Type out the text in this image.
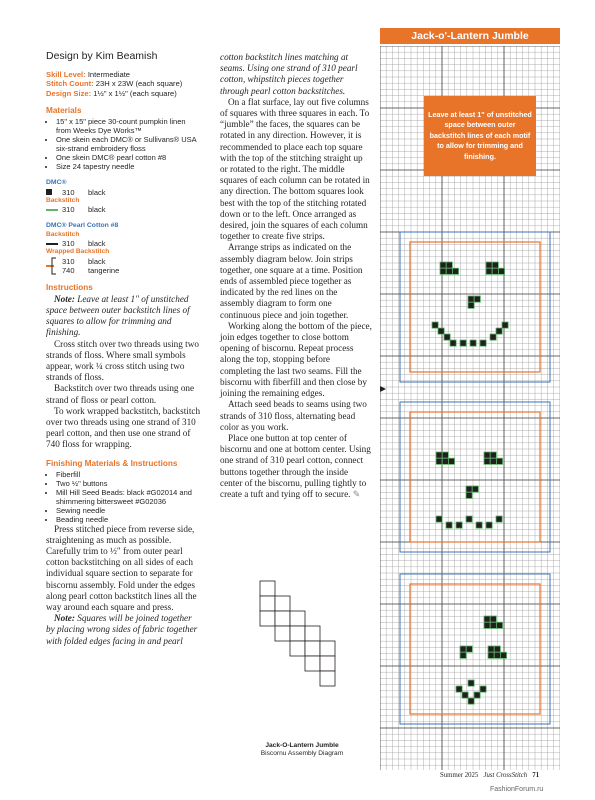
Design by Kim Beamish
Skill Level: Intermediate
Stitch Count: 23H x 23W (each square)
Design Size: 1½" x 1½" (each square)
Materials
• 15" x 15" piece 30-count pumpkin linen from Weeks Dye Works™
• One skein each DMC® or Sullivans® USA six-strand embroidery floss
• One skein DMC® pearl cotton #8
• Size 24 tapestry needle
DMC®
310	black
Backstitch
310	black
DMC® Pearl Cotton #8
Backstitch
310	black
Wrapped Backstitch
310	black
740	tangerine
Instructions

Note: Leave at least 1" of unstitched space between outer backstitch lines of squares to allow for trimming and finishing.

Cross stitch over two threads using two strands of floss. Where small symbols appear, work ¼ cross stitch using two strands of floss.

Backstitch over two threads using one strand of floss or pearl cotton.

To work wrapped backstitch, backstitch over two threads using one strand of 310 pearl cotton, and then use one strand of 740 floss for wrapping.

Finishing Materials & Instructions
• Fiberfill
• Two ½" buttons
• Mill Hill Seed Beads: black #G02014 and shimmering bittersweet #G02036
• Sewing needle
• Beading needle

Press stitched piece from reverse side, straightening as much as possible. Carefully trim to ½" from outer pearl cotton backstitching on all sides of each individual square section to separate for biscornu assembly. Fold under the edges along pearl cotton backstitch lines all the way around each square and press.

Note: Squares will be joined together by placing wrong sides of fabric together with folded edges facing in and pearl

cotton backstitch lines matching at seams. Using one strand of 310 pearl cotton, whipstitch pieces together through pearl cotton backstitches.

On a flat surface, lay out five columns of squares with three squares in each. To “jumble” the faces, the squares can be rotated in any direction. However, it is recommended to place each top square with the top of the stitching straight up or rotated to the right. The middle squares of each column can be rotated in any direction. The bottom squares look best with the top of the stitching rotated down or to the left. Once arranged as desired, join the squares of each column together to create five strips.

Arrange strips as indicated on the assembly diagram below. Join strips together, one square at a time. Position ends of assembled piece together as indicated by the red lines on the assembly diagram to form one continuous piece and join together.

Working along the bottom of the piece, join edges together to close bottom opening of biscornu. Repeat process along the top, stopping before completing the last two seams. Fill the biscornu with fiberfill and then close by joining the remaining edges.

Attach seed beads to seams using two strands of 310 floss, alternating bead color as you work.

Place one button at top center of biscornu and one at bottom center. Using one strand of 310 pearl cotton, connect buttons together through the inside center of the biscornu, pulling tightly to create a tuft and tying off to secure. ✎

Jack-O-Lantern Jumble
Biscornu Assembly Diagram
Jack-o'-Lantern Jumble
Leave at least 1" of unstitched space between outer backstitch lines of each motif to allow for trimming and finishing.
Summer 2025 Just CrossStitch 71
FashionForum.ru
